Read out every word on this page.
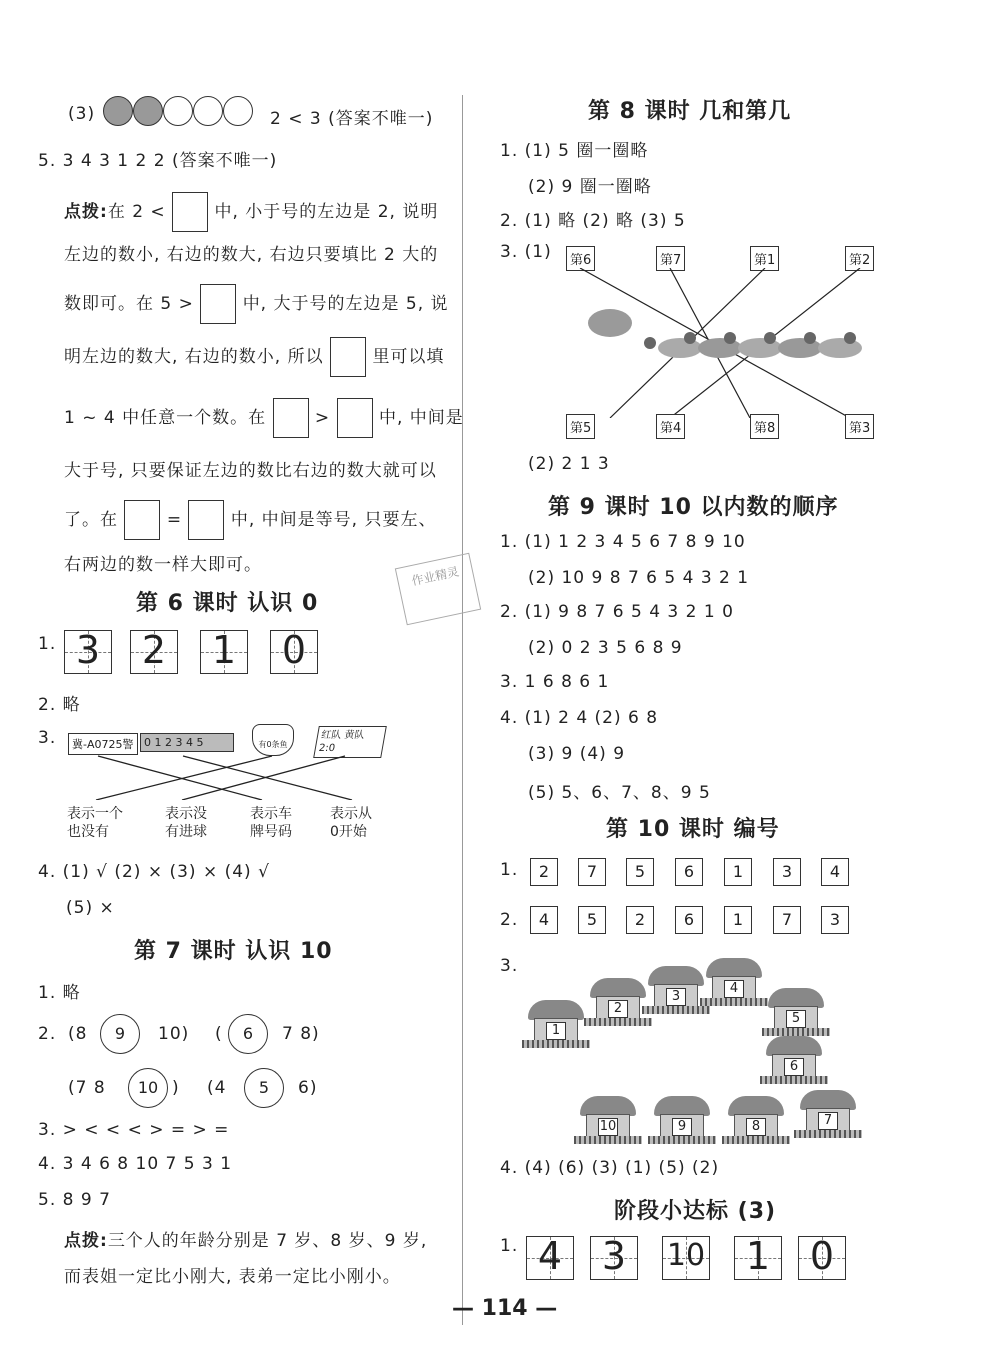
(3)	2 < 3 (答案不唯一)
5. 3 4 3 1 2 2 (答案不唯一)
点拨:在 2 <	中, 小于号的左边是 2, 说明
左边的数小, 右边的数大, 右边只要填比 2 大的
数即可。在 5 >	中, 大于号的左边是 5, 说
明左边的数大, 右边的数小, 所以	里可以填
1 ~ 4 中任意一个数。在	>	中, 中间是
大于号, 只要保证左边的数比右边的数大就可以
了。在	=	中, 中间是等号, 只要左、
右两边的数一样大即可。
第 6 课时 认识 0
1. 3 2 1 0
2. 略
3.	冀-A0725警 0 1 2 3 4 5	有0条鱼
红队 黄队 2:0
表示一个
也没有
表示没
有进球
表示车
牌号码
表示从
0开始
4. (1) √ (2) × (3) × (4) √
(5) ×
第 7 课时 认识 10
1. 略
2. (8	9	10) (	6	7 8)
(7 8	10 ) (4	5	6)
3. > < < < > = > =
4. 3 4 6 8 10 7 5 3 1
5. 8 9 7
点拨:三个人的年龄分别是 7 岁、8 岁、9 岁,
而表姐一定比小刚大, 表弟一定比小刚小。
第 8 课时 几和第几
1. (1) 5 圈一圈略
(2) 9 圈一圈略
2. (1) 略 (2) 略 (3) 5
3. (1)	第6	第7	第1	第2
第5	第4	第8	第3
(2) 2 1 3
第 9 课时 10 以内数的顺序
1. (1) 1 2 3 4 5 6 7 8 9 10
(2) 10 9 8 7 6 5 4 3 2 1
2. (1) 9 8 7 6 5 4 3 2 1 0
(2) 0 2 3 5 6 8 9
3. 1 6 8 6 1
4. (1) 2 4 (2) 6 8
(3) 9 (4) 9
(5) 5、6、7、8、9 5
第 10 课时 编号
1.	2	7	5	6	1	3	4
2.	4	5	2	6	1	7	3
3.
1
2
3
4
5
6
7
8
9
10
4. (4) (6) (3) (1) (5) (2)
阶段小达标 (3)
1. 4 3	10 1 0
作业精灵
— 114 —
